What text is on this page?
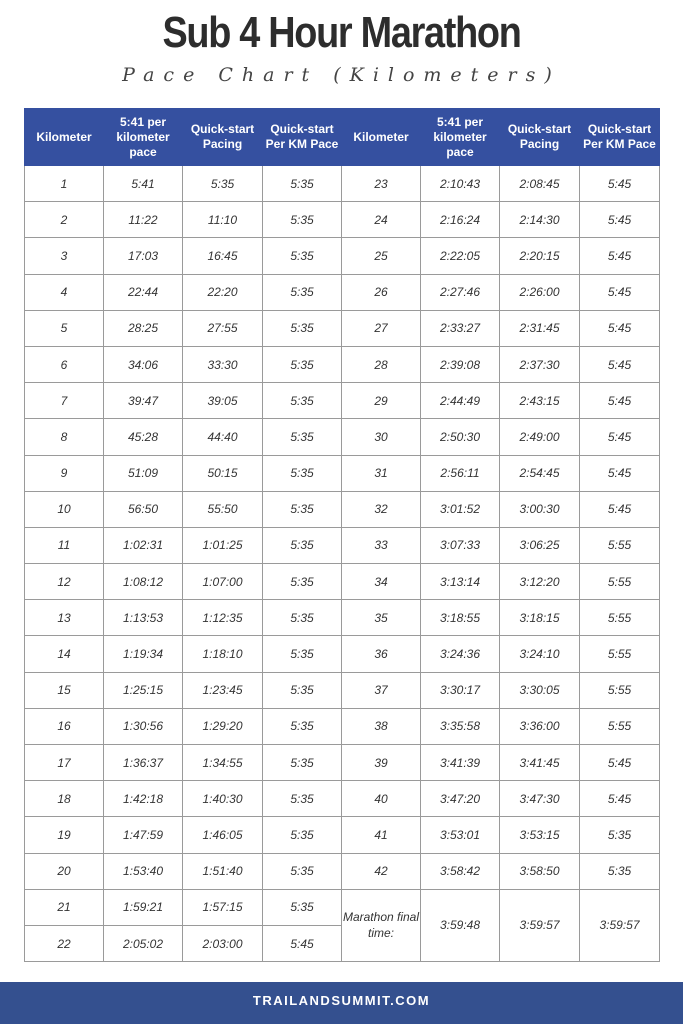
Sub 4 Hour Marathon
Pace Chart (Kilometers)
Kilometer	5:41 per kilometer pace	Quick-start Pacing	Quick-start Per KM Pace	Kilometer	5:41 per kilometer pace	Quick-start Pacing	Quick-start Per KM Pace
1	5:41	5:35	5:35	23	2:10:43	2:08:45	5:45
2	11:22	11:10	5:35	24	2:16:24	2:14:30	5:45
3	17:03	16:45	5:35	25	2:22:05	2:20:15	5:45
4	22:44	22:20	5:35	26	2:27:46	2:26:00	5:45
5	28:25	27:55	5:35	27	2:33:27	2:31:45	5:45
6	34:06	33:30	5:35	28	2:39:08	2:37:30	5:45
7	39:47	39:05	5:35	29	2:44:49	2:43:15	5:45
8	45:28	44:40	5:35	30	2:50:30	2:49:00	5:45
9	51:09	50:15	5:35	31	2:56:11	2:54:45	5:45
10	56:50	55:50	5:35	32	3:01:52	3:00:30	5:45
11	1:02:31	1:01:25	5:35	33	3:07:33	3:06:25	5:55
12	1:08:12	1:07:00	5:35	34	3:13:14	3:12:20	5:55
13	1:13:53	1:12:35	5:35	35	3:18:55	3:18:15	5:55
14	1:19:34	1:18:10	5:35	36	3:24:36	3:24:10	5:55
15	1:25:15	1:23:45	5:35	37	3:30:17	3:30:05	5:55
16	1:30:56	1:29:20	5:35	38	3:35:58	3:36:00	5:55
17	1:36:37	1:34:55	5:35	39	3:41:39	3:41:45	5:45
18	1:42:18	1:40:30	5:35	40	3:47:20	3:47:30	5:45
19	1:47:59	1:46:05	5:35	41	3:53:01	3:53:15	5:35
20	1:53:40	1:51:40	5:35	42	3:58:42	3:58:50	5:35
21	1:59:21	1:57:15	5:35	Marathon final time:	3:59:48	3:59:57	3:59:57
22	2:05:02	2:03:00	5:45				
TRAILANDSUMMIT.COM
